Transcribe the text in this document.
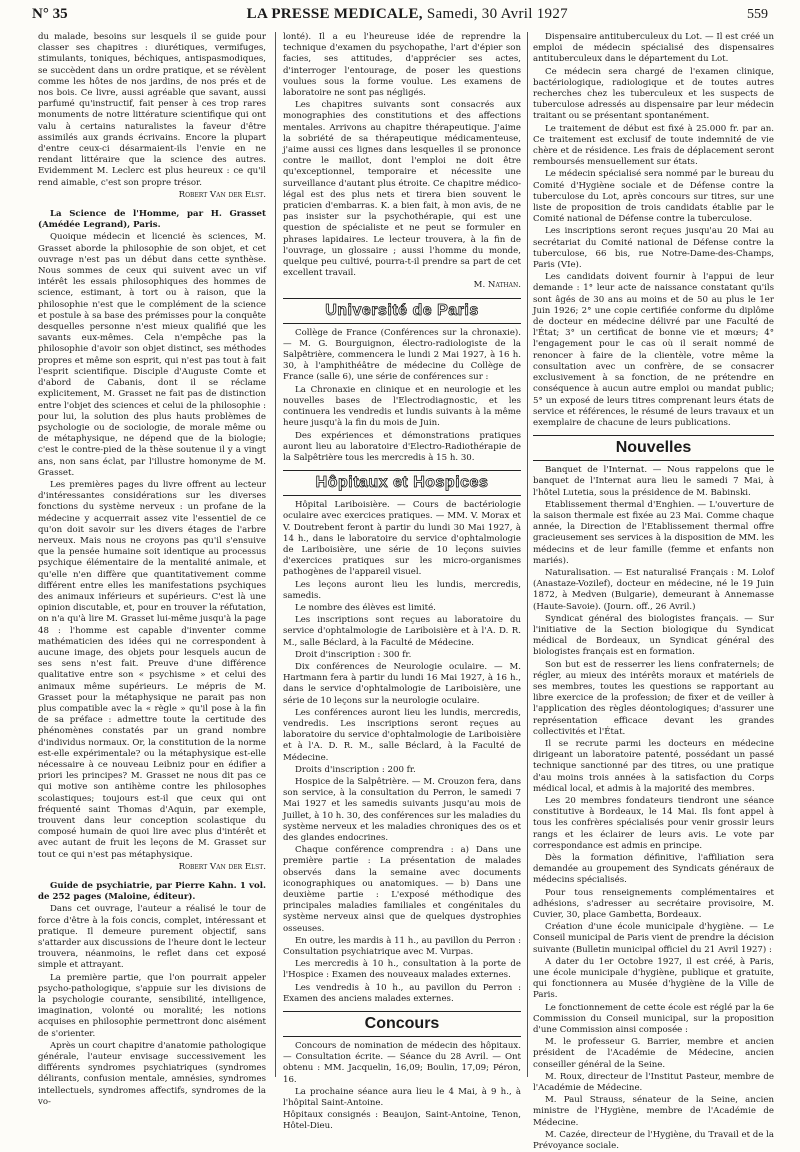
N° 35	LA PRESSE MEDICALE, Samedi, 30 Avril 1927	559

du malade, besoins sur lesquels il se guide pour classer ses chapitres : diurétiques, vermifuges, stimulants, toniques, béchiques, antispasmodiques, se succèdent dans un ordre pratique, et se révèlent comme les hôtes de nos jardins, de nos prés et de nos bois. Ce livre, aussi agréable que savant, aussi parfumé qu'instructif, fait penser à ces trop rares monuments de notre littérature scientifique qui ont valu à certains naturalistes la faveur d'être assimilés aux grands écrivains. Encore la plupart d'entre ceux-ci désarmaient-ils l'envie en ne rendant littéraire que la science des autres. Evidemment M. Leclerc est plus heureux : ce qu'il rend aimable, c'est son propre trésor.

Robert Van der Elst.

La Science de l'Homme, par H. Grasset (Amédée Legrand), Paris.

Quoique médecin et licencié ès sciences, M. Grasset aborde la philosophie de son objet, et cet ouvrage n'est pas un début dans cette synthèse. Nous sommes de ceux qui suivent avec un vif intérêt les essais philosophiques des hommes de science, estimant, à tort ou à raison, que la philosophie n'est que le complément de la science et postule à sa base des prémisses pour la conquête desquelles personne n'est mieux qualifié que les savants eux-mêmes. Cela n'empêche pas la philosophie d'avoir son objet distinct, ses méthodes propres et même son esprit, qui n'est pas tout à fait l'esprit scientifique. Disciple d'Auguste Comte et d'abord de Cabanis, dont il se réclame explicitement, M. Grasset ne fait pas de distinction entre l'objet des sciences et celui de la philosophie : pour lui, la solution des plus hauts problèmes de psychologie ou de sociologie, de morale même ou de métaphysique, ne dépend que de la biologie; c'est le contre-pied de la thèse soutenue il y a vingt ans, non sans éclat, par l'illustre homonyme de M. Grasset.

Les premières pages du livre offrent au lecteur d'intéressantes considérations sur les diverses fonctions du système nerveux : un profane de la médecine y acquerrait assez vite l'essentiel de ce qu'on doit savoir sur les divers étages de l'arbre nerveux. Mais nous ne croyons pas qu'il s'ensuive que la pensée humaine soit identique au processus psychique élémentaire de la mentalité animale, et qu'elle n'en diffère que quantitativement comme différent entre elles les manifestations psychiques des animaux inférieurs et supérieurs. C'est là une opinion discutable, et, pour en trouver la réfutation, on n'a qu'à lire M. Grasset lui-même jusqu'à la page 48 : l'homme est capable d'inventer comme mathématicien des idées qui ne correspondent à aucune image, des objets pour lesquels aucun de ses sens n'est fait. Preuve d'une différence qualitative entre son « psychisme » et celui des animaux même supérieurs. Le mépris de M. Grasset pour la métaphysique ne parait pas non plus compatible avec la « règle » qu'il pose à la fin de sa préface : admettre toute la certitude des phénomènes constatés par un grand nombre d'individus normaux. Or, la constitution de la norme est-elle expérimentale? ou la métaphysique est-elle nécessaire à ce nouveau Leibniz pour en édifier a priori les principes? M. Grasset ne nous dit pas ce qui motive son antihème contre les philosophes scolastiques; toujours est-il que ceux qui ont fréquenté saint Thomas d'Aquin, par exemple, trouvent dans leur conception scolastique du composé humain de quoi lire avec plus d'intérêt et avec autant de fruit les leçons de M. Grasset sur tout ce qui n'est pas métaphysique.

Robert Van der Elst.

Guide de psychiatrie, par Pierre Kahn. 1 vol. de 252 pages (Maloine, éditeur).

Dans cet ouvrage, l'auteur a réalisé le tour de force d'être à la fois concis, complet, intéressant et pratique. Il demeure purement objectif, sans s'attarder aux discussions de l'heure dont le lecteur trouvera, néanmoins, le reflet dans cet exposé simple et attrayant.

La première partie, que l'on pourrait appeler psycho-pathologique, s'appuie sur les divisions de la psychologie courante, sensibilité, intelligence, imagination, volonté ou moralité; les notions acquises en philosophie permettront donc aisément de s'orienter.

Après un court chapitre d'anatomie pathologique générale, l'auteur envisage successivement les différents syndromes psychiatriques (syndromes délirants, confusion mentale, amnésies, syndromes intellectuels, syndromes affectifs, syndromes de la vo-

lonté). Il a eu l'heureuse idée de reprendre la technique d'examen du psychopathe, l'art d'épier son facies, ses attitudes, d'apprécier ses actes, d'interroger l'entourage, de poser les questions voulues sous la forme voulue. Les examens de laboratoire ne sont pas négligés.

Les chapitres suivants sont consacrés aux monographies des constitutions et des affections mentales. Arrivons au chapitre thérapeutique. J'aime la sobriété de sa thérapeutique médicamenteuse, j'aime aussi ces lignes dans lesquelles il se prononce contre le maillot, dont l'emploi ne doit être qu'exceptionnel, temporaire et nécessite une surveillance d'autant plus étroite. Ce chapitre médico-légal est des plus nets et tirera bien souvent le praticien d'embarras. K. a bien fait, à mon avis, de ne pas insister sur la psychothérapie, qui est une question de spécialiste et ne peut se formuler en phrases lapidaires. Le lecteur trouvera, à la fin de l'ouvrage, un glossaire ; aussi l'homme du monde, quelque peu cultivé, pourra-t-il prendre sa part de cet excellent travail.

M. Nathan.

Université de Paris

Collège de France (Conférences sur la chronaxie). — M. G. Bourguignon, électro-radiologiste de la Salpêtrière, commencera le lundi 2 Mai 1927, à 16 h. 30, à l'amphithéâtre de médecine du Collège de France (salle 6), une série de conférences sur :

La Chronaxie en clinique et en neurologie et les nouvelles bases de l'Electrodiagnostic, et les continuera les vendredis et lundis suivants à la même heure jusqu'à la fin du mois de Juin.

Des expériences et démonstrations pratiques auront lieu au laboratoire d'Electro-Radiothérapie de la Salpêtrière tous les mercredis à 15 h. 30.

Hôpitaux et Hospices

Hôpital Lariboisière. — Cours de bactériologie oculaire avec exercices pratiques. — MM. V. Morax et V. Doutrebent feront à partir du lundi 30 Mai 1927, à 14 h., dans le laboratoire du service d'ophtalmologie de Lariboisière, une série de 10 leçons suivies d'exercices pratiques sur les micro-organismes pathogènes de l'appareil visuel.

Les leçons auront lieu les lundis, mercredis, samedis.

Le nombre des élèves est limité.

Les inscriptions sont reçues au laboratoire du service d'ophtalmologie de Lariboisière et à l'A. D. R. M., salle Béclard, à la Faculté de Médecine.

Droit d'inscription : 300 fr.

Dix conférences de Neurologie oculaire. — M. Hartmann fera à partir du lundi 16 Mai 1927, à 16 h., dans le service d'ophtalmologie de Lariboisière, une série de 10 leçons sur la neurologie oculaire.

Les conférences auront lieu les lundis, mercredis, vendredis. Les inscriptions seront reçues au laboratoire du service d'ophtalmologie de Lariboisière et à l'A. D. R. M., salle Béclard, à la Faculté de Médecine.

Droits d'inscription : 200 fr.

Hospice de la Salpêtrière. — M. Crouzon fera, dans son service, à la consultation du Perron, le samedi 7 Mai 1927 et les samedis suivants jusqu'au mois de Juillet, à 10 h. 30, des conférences sur les maladies du système nerveux et les maladies chroniques des os et des glandes endocrines.

Chaque conférence comprendra : a) Dans une première partie : La présentation de malades observés dans la semaine avec documents iconographiques ou anatomiques. — b) Dans une deuxième partie : L'exposé méthodique des principales maladies familiales et congénitales du système nerveux ainsi que de quelques dystrophies osseuses.

En outre, les mardis à 11 h., au pavillon du Perron : Consultation psychiatrique avec M. Vurpas.

Les mercredis à 10 h., consultation à la porte de l'Hospice : Examen des nouveaux malades externes.

Les vendredis à 10 h., au pavillon du Perron : Examen des anciens malades externes.

Concours

Concours de nomination de médecin des hôpitaux. — Consultation écrite. — Séance du 28 Avril. — Ont obtenu : MM. Jacquelin, 16,09; Boulin, 17,09; Péron, 16.

La prochaine séance aura lieu le 4 Mai, à 9 h., à l'hôpital Saint-Antoine.

Hôpitaux consignés : Beaujon, Saint-Antoine, Tenon, Hôtel-Dieu.

Dispensaire antituberculeux du Lot. — Il est créé un emploi de médecin spécialisé des dispensaires antituberculeux dans le département du Lot.

Ce médecin sera chargé de l'examen clinique, bactériologique, radiologique et de toutes autres recherches chez les tuberculeux et les suspects de tuberculose adressés au dispensaire par leur médecin traitant ou se présentant spontanément.

Le traitement de début est fixé à 25.000 fr. par an. Ce traitement est exclusif de toute indemnité de vie chère et de résidence. Les frais de déplacement seront remboursés mensuellement sur états.

Le médecin spécialisé sera nommé par le bureau du Comité d'Hygiène sociale et de Défense contre la tuberculose du Lot, après concours sur titres, sur une liste de proposition de trois candidats établie par le Comité national de Défense contre la tuberculose.

Les inscriptions seront reçues jusqu'au 20 Mai au secrétariat du Comité national de Défense contre la tuberculose, 66 bis, rue Notre-Dame-des-Champs, Paris (VIe).

Les candidats doivent fournir à l'appui de leur demande : 1° leur acte de naissance constatant qu'ils sont âgés de 30 ans au moins et de 50 au plus le 1er Juin 1926; 2° une copie certifiée conforme du diplôme de docteur en médecine délivré par une Faculté de l'État; 3° un certificat de bonne vie et mœurs; 4° l'engagement pour le cas où il serait nommé de renoncer à faire de la clientèle, votre même la consultation avec un confrère, de se consacrer exclusivement à sa fonction, de ne prétendre en conséquence à aucun autre emploi ou mandat public; 5° un exposé de leurs titres comprenant leurs états de service et références, le résumé de leurs travaux et un exemplaire de chacune de leurs publications.

Nouvelles

Banquet de l'Internat. — Nous rappelons que le banquet de l'Internat aura lieu le samedi 7 Mai, à l'hôtel Lutetia, sous la présidence de M. Babinski.

Etablissement thermal d'Enghien. — L'ouverture de la saison thermale est fixée au 23 Mai. Comme chaque année, la Direction de l'Etablissement thermal offre gracieusement ses services à la disposition de MM. les médecins et de leur famille (femme et enfants non mariés).

Naturalisation. — Est naturalisé Français : M. Lolof (Anastaze-Vozilef), docteur en médecine, né le 19 Juin 1872, à Medven (Bulgarie), demeurant à Annemasse (Haute-Savoie). (Journ. off., 26 Avril.)

Syndicat général des biologistes français. — Sur l'initiative de la Section biologique du Syndicat médical de Bordeaux, un Syndicat général des biologistes français est en formation.

Son but est de resserrer les liens confraternels; de régler, au mieux des intérêts moraux et matériels de ses membres, toutes les questions se rapportant au libre exercice de la profession; de fixer et de veiller à l'application des règles déontologiques; d'assurer une représentation efficace devant les grandes collectivités et l'État.

Il se recrute parmi les docteurs en médecine dirigeant un laboratoire patenté, possédant un passé technique sanctionné par des titres, ou une pratique d'au moins trois années à la satisfaction du Corps médical local, et admis à la majorité des membres.

Les 20 membres fondateurs tiendront une séance constitutive à Bordeaux, le 14 Mai. Ils font appel à tous les confrères spécialisés pour venir grossir leurs rangs et les éclairer de leurs avis. Le vote par correspondance est admis en principe.

Dès la formation définitive, l'affiliation sera demandée au groupement des Syndicats généraux de médecins spécialisés.

Pour tous renseignements complémentaires et adhésions, s'adresser au secrétaire provisoire, M. Cuvier, 30, place Gambetta, Bordeaux.

Création d'une école municipale d'hygiène. — Le Conseil municipal de Paris vient de prendre la décision suivante (Bulletin municipal officiel du 21 Avril 1927) :

A dater du 1er Octobre 1927, il est créé, à Paris, une école municipale d'hygiène, publique et gratuite, qui fonctionnera au Musée d'hygiène de la Ville de Paris.

Le fonctionnement de cette école est réglé par la 6e Commission du Conseil municipal, sur la proposition d'une Commission ainsi composée :

M. le professeur G. Barrier, membre et ancien président de l'Académie de Médecine, ancien conseiller général de la Seine.

M. Roux, directeur de l'Institut Pasteur, membre de l'Académie de Médecine.

M. Paul Strauss, sénateur de la Seine, ancien ministre de l'Hygiène, membre de l'Académie de Médecine.

M. Cazée, directeur de l'Hygiène, du Travail et de la Prévoyance sociale.
